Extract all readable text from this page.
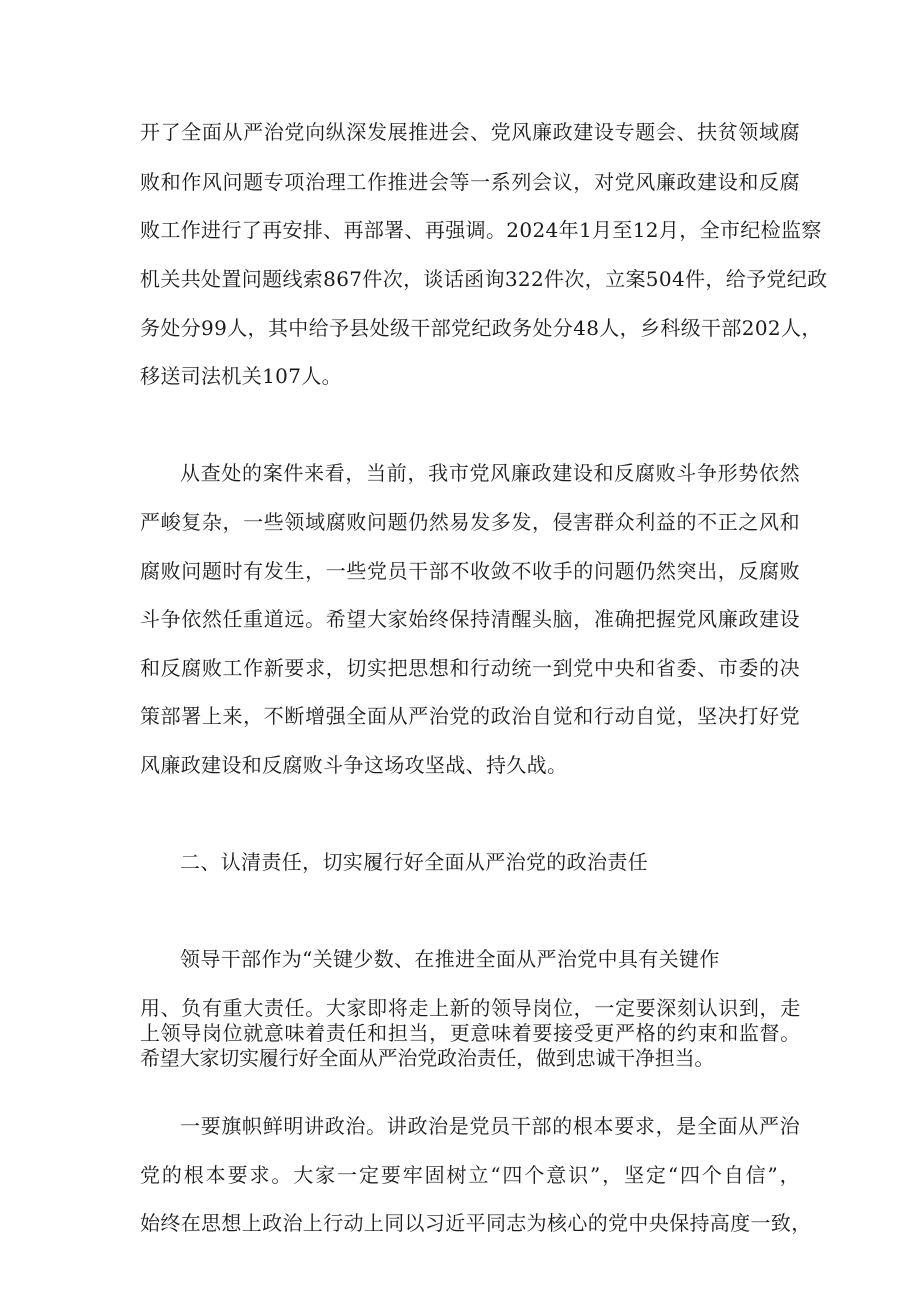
开了全面从严治党向纵深发展推进会、党风廉政建设专题会、扶贫领域腐
败和作风问题专项治理工作推进会等一系列会议，对党风廉政建设和反腐
败工作进行了再安排、再部署、再强调。2024年1月至12月，全市纪检监察
机关共处置问题线索867件次，谈话函询322件次，立案504件，给予党纪政
务处分99人，其中给予县处级干部党纪政务处分48人，乡科级干部202人，
移送司法机关107人。
从查处的案件来看，当前，我市党风廉政建设和反腐败斗争形势依然
严峻复杂，一些领域腐败问题仍然易发多发，侵害群众利益的不正之风和
腐败问题时有发生，一些党员干部不收敛不收手的问题仍然突出，反腐败
斗争依然任重道远。希望大家始终保持清醒头脑，准确把握党风廉政建设
和反腐败工作新要求，切实把思想和行动统一到党中央和省委、市委的决
策部署上来，不断增强全面从严治党的政治自觉和行动自觉，坚决打好党
风廉政建设和反腐败斗争这场攻坚战、持久战。
二、认清责任，切实履行好全面从严治党的政治责任
领导干部作为“关键少数、在推进全面从严治党中具有关键作
用、负有重大责任。大家即将走上新的领导岗位，一定要深刻认识到，走
上领导岗位就意味着责任和担当，更意味着要接受更严格的约束和监督。
希望大家切实履行好全面从严治党政治责任，做到忠诚干净担当。
一要旗帜鲜明讲政治。讲政治是党员干部的根本要求，是全面从严治
党的根本要求。大家一定要牢固树立“四个意识”，坚定“四个自信”，
始终在思想上政治上行动上同以习近平同志为核心的党中央保持高度一致，
